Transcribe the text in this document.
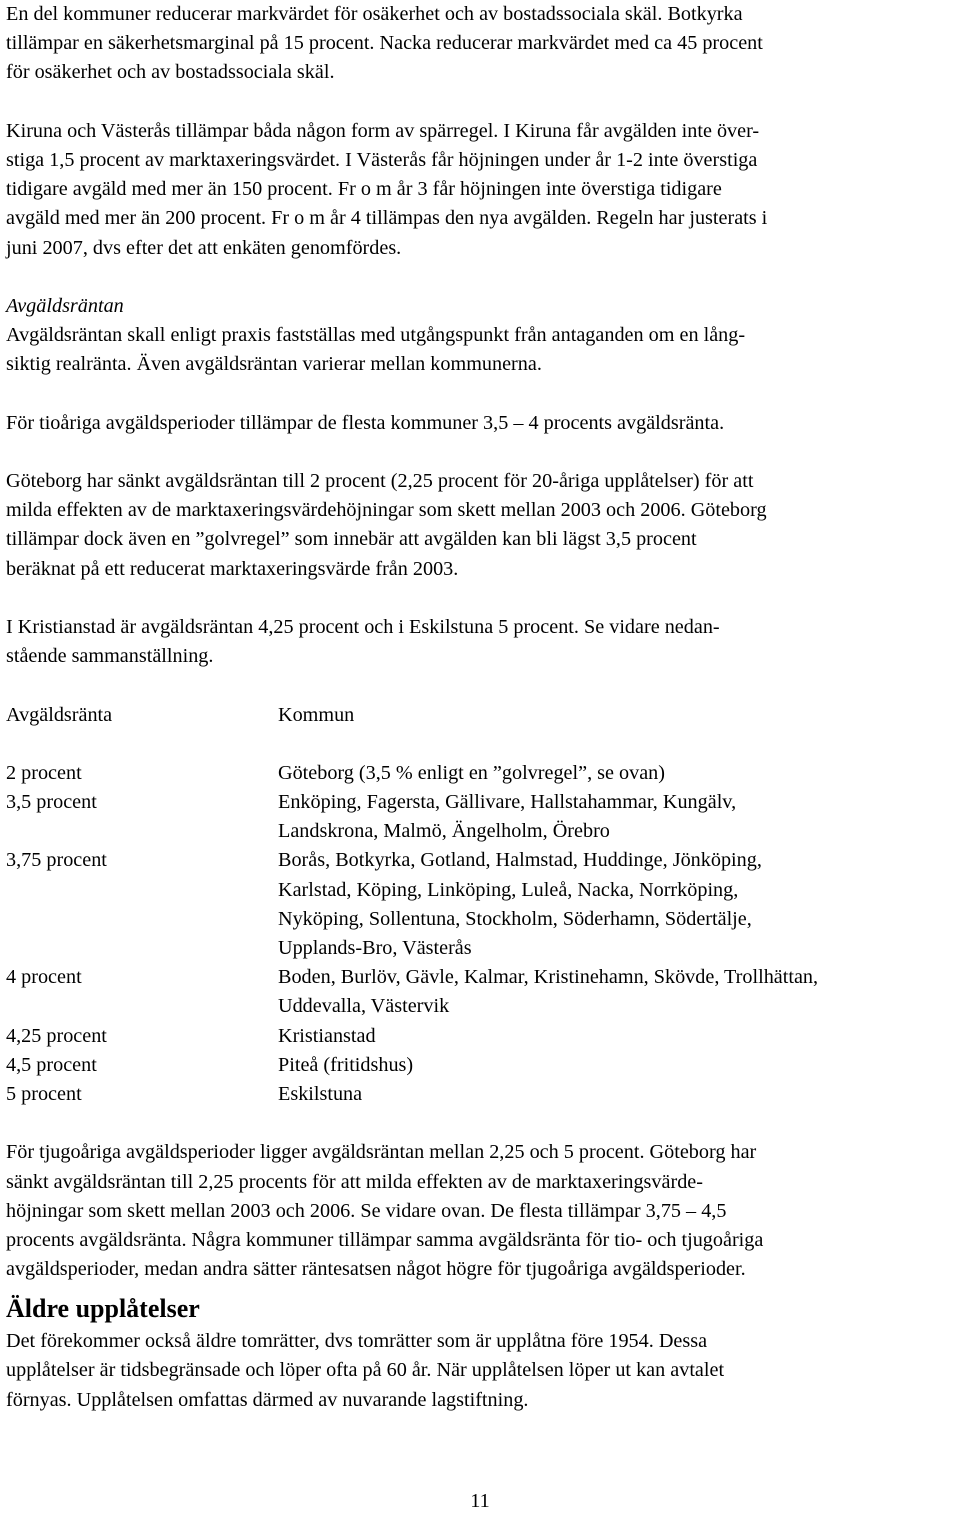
En del kommuner reducerar markvärdet för osäkerhet och av bostadssociala skäl. Botkyrka
tillämpar en säkerhetsmarginal på 15 procent. Nacka reducerar markvärdet med ca 45 procent
för osäkerhet och av bostadssociala skäl.
Kiruna och Västerås tillämpar båda någon form av spärregel. I Kiruna får avgälden inte över-
stiga 1,5 procent av marktaxeringsvärdet. I Västerås får höjningen under år 1-2 inte överstiga
tidigare avgäld med mer än 150 procent. Fr o m år 3 får höjningen inte överstiga tidigare
avgäld med mer än 200 procent. Fr o m år 4 tillämpas den nya avgälden. Regeln har justerats i
juni 2007, dvs efter det att enkäten genomfördes.
Avgäldsräntan
Avgäldsräntan skall enligt praxis fastställas med utgångspunkt från antaganden om en lång-
siktig realränta. Även avgäldsräntan varierar mellan kommunerna.
För tioåriga avgäldsperioder tillämpar de flesta kommuner 3,5 – 4 procents avgäldsränta.
Göteborg har sänkt avgäldsräntan till 2 procent (2,25 procent för 20-åriga upplåtelser) för att
milda effekten av de marktaxeringsvärdehöjningar som skett mellan 2003 och 2006. Göteborg
tillämpar dock även en ”golvregel” som innebär att avgälden kan bli lägst 3,5 procent
beräknat på ett reducerat marktaxeringsvärde från 2003.
I Kristianstad är avgäldsräntan 4,25 procent och i Eskilstuna 5 procent. Se vidare nedan-
stående sammanställning.
Avgäldsränta	Kommun
2 procent	Göteborg (3,5 % enligt en ”golvregel”, se ovan)
3,5 procent	Enköping, Fagersta, Gällivare, Hallstahammar, Kungälv,
Landskrona, Malmö, Ängelholm, Örebro
3,75 procent	Borås, Botkyrka, Gotland, Halmstad, Huddinge, Jönköping,
Karlstad, Köping, Linköping, Luleå, Nacka, Norrköping,
Nyköping, Sollentuna, Stockholm, Söderhamn, Södertälje,
Upplands-Bro, Västerås
4 procent	Boden, Burlöv, Gävle, Kalmar, Kristinehamn, Skövde, Trollhättan,
Uddevalla, Västervik
4,25 procent	Kristianstad
4,5 procent	Piteå (fritidshus)
5 procent	Eskilstuna
För tjugoåriga avgäldsperioder ligger avgäldsräntan mellan 2,25 och 5 procent. Göteborg har
sänkt avgäldsräntan till 2,25 procents för att milda effekten av de marktaxeringsvärde-
höjningar som skett mellan 2003 och 2006. Se vidare ovan. De flesta tillämpar 3,75 – 4,5
procents avgäldsränta. Några kommuner tillämpar samma avgäldsränta för tio- och tjugoåriga
avgäldsperioder, medan andra sätter räntesatsen något högre för tjugoåriga avgäldsperioder.
Äldre upplåtelser
Det förekommer också äldre tomrätter, dvs tomrätter som är upplåtna före 1954. Dessa
upplåtelser är tidsbegränsade och löper ofta på 60 år. När upplåtelsen löper ut kan avtalet
förnyas. Upplåtelsen omfattas därmed av nuvarande lagstiftning.
11
